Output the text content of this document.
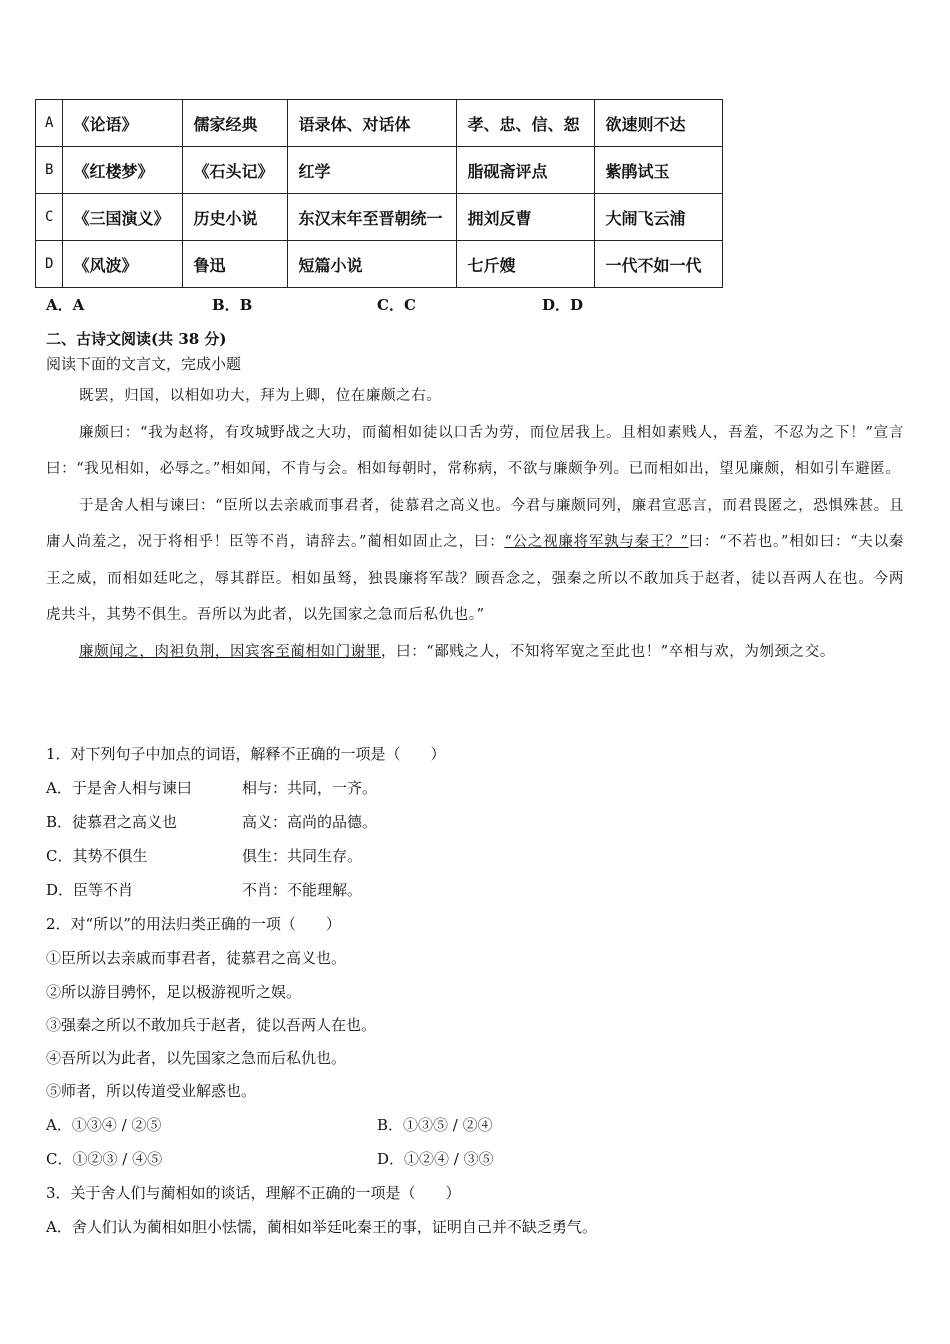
A	《论语》	儒家经典	语录体、对话体	孝、忠、信、恕	欲速则不达
B	《红楼梦》	《石头记》	红学	脂砚斋评点	紫鹃试玉
C	《三国演义》	历史小说	东汉末年至晋朝统一	拥刘反曹	大闹飞云浦
D	《风波》	鲁迅	短篇小说	七斤嫂	一代不如一代
A．A	B．B	C．C	D．D
二、古诗文阅读(共 38 分)
阅读下面的文言文，完成小题

既罢，归国，以相如功大，拜为上卿，位在廉颇之右。

廉颇曰：“我为赵将，有攻城野战之大功，而蔺相如徒以口舌为劳，而位居我上。且相如素贱人，吾羞，不忍为之下！”宣言曰：“我见相如，必辱之。”相如闻，不肯与会。相如每朝时，常称病，不欲与廉颇争列。已而相如出，望见廉颇，相如引车避匿。

于是舍人相与谏曰：“臣所以去亲戚而事君者，徒慕君之高义也。今君与廉颇同列，廉君宣恶言，而君畏匿之，恐惧殊甚。且庸人尚羞之，况于将相乎！臣等不肖，请辞去。”蔺相如固止之，曰：“公之视廉将军孰与秦王？”曰：“不若也。”相如曰：“夫以秦王之威，而相如廷叱之，辱其群臣。相如虽驽，独畏廉将军哉？顾吾念之，强秦之所以不敢加兵于赵者，徒以吾两人在也。今两虎共斗，其势不俱生。吾所以为此者，以先国家之急而后私仇也。”

廉颇闻之，肉袒负荆，因宾客至蔺相如门谢罪，曰：“鄙贱之人，不知将军宽之至此也！”卒相与欢，为刎颈之交。

1．对下列句子中加点的词语，解释不正确的一项是（　　）
A．于是舍人相与谏曰	相与：共同，一齐。
B．徒慕君之高义也	高义：高尚的品德。
C．其势不俱生	俱生：共同生存。
D．臣等不肖	不肖：不能理解。
2．对“所以”的用法归类正确的一项（　　）
①臣所以去亲戚而事君者，徒慕君之高义也。
②所以游目骋怀，足以极游视听之娱。
③强秦之所以不敢加兵于赵者，徒以吾两人在也。
④吾所以为此者，以先国家之急而后私仇也。
⑤师者，所以传道受业解惑也。
A．①③④ / ②⑤	B．①③⑤ / ②④
C．①②③ / ④⑤	D．①②④ / ③⑤
3．关于舍人们与蔺相如的谈话，理解不正确的一项是（　　）
A．舍人们认为蔺相如胆小怯懦，蔺相如举廷叱秦王的事，证明自己并不缺乏勇气。
